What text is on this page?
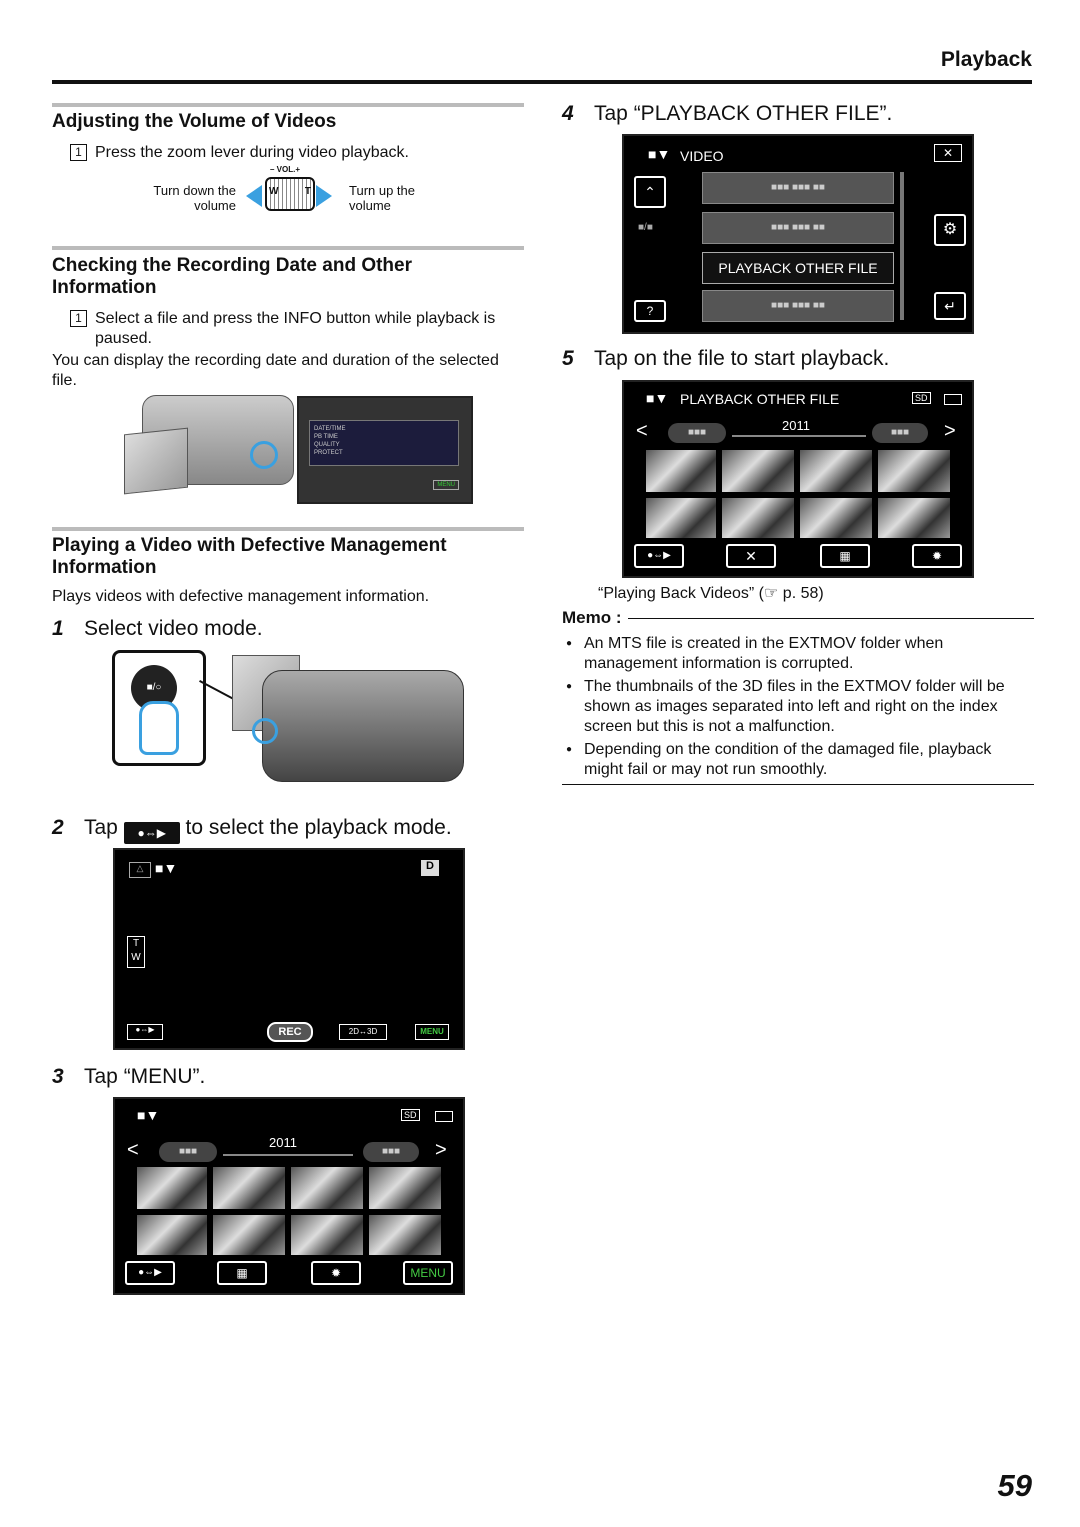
Playback
Adjusting the Volume of Videos
1 Press the zoom lever during video playback.
Turn down the volume
– VOL.+
W	T	Turn up the volume
Checking the Recording Date and Other Information
1 Select a file and press the INFO button while playback is paused.
You can display the recording date and duration of the selected file.
DATE/TIME
PB TIME
QUALITY
PROTECT
MENU
Playing a Video with Defective Management Information
Plays videos with defective management information.
1 Select video mode.
■/○
2 Tap ●⇔▶ to select the playback mode.
△ ■▼	D
T
W
●⇔▶	REC	2D↔3D	MENU
3 Tap “MENU”.
■▼	SD
<	■■■
2011
■■■	>
●⇔▶	▦	✹	MENU
4 Tap “PLAYBACK OTHER FILE”.
■▼ VIDEO	✕
⌃
■/■
?
■■■ ■■■ ■■
■■■ ■■■ ■■
PLAYBACK OTHER FILE
■■■ ■■■ ■■
⚙
↵
5 Tap on the file to start playback.
■▼ PLAYBACK OTHER FILE	SD
<	■■■	2011	■■■	>
●⇔▶	✕	▦	✹
“Playing Back Videos” (☞ p. 58)
Memo :
● An MTS file is created in the EXTMOV folder when management information is corrupted.
● The thumbnails of the 3D files in the EXTMOV folder will be shown as images separated into left and right on the index screen but this is not a malfunction.
● Depending on the condition of the damaged file, playback might fail or may not run smoothly.
59
